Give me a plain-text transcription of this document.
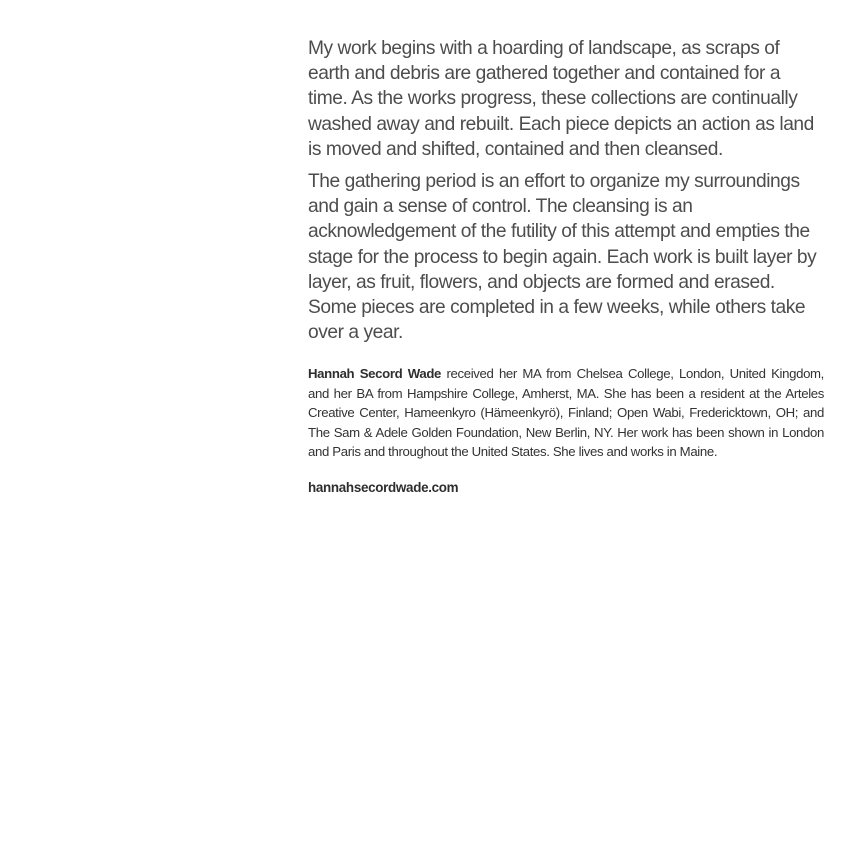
My work begins with a hoarding of landscape, as scraps of earth and debris are gathered together and contained for a time. As the works progress, these collections are continually washed away and rebuilt. Each piece depicts an action as land is moved and shifted, contained and then cleansed.

The gathering period is an effort to organize my surroundings and gain a sense of control. The cleansing is an acknowledgement of the futility of this attempt and empties the stage for the process to begin again. Each work is built layer by layer, as fruit, flowers, and objects are formed and erased. Some pieces are completed in a few weeks, while others take over a year.

Hannah Secord Wade received her MA from Chelsea College, London, United Kingdom, and her BA from Hampshire College, Amherst, MA. She has been a resident at the Arteles Creative Center, Hameenkyro (Hämeenkyrö), Finland; Open Wabi, Fredericktown, OH; and The Sam & Adele Golden Foundation, New Berlin, NY. Her work has been shown in London and Paris and throughout the United States. She lives and works in Maine.
hannahsecordwade.com
